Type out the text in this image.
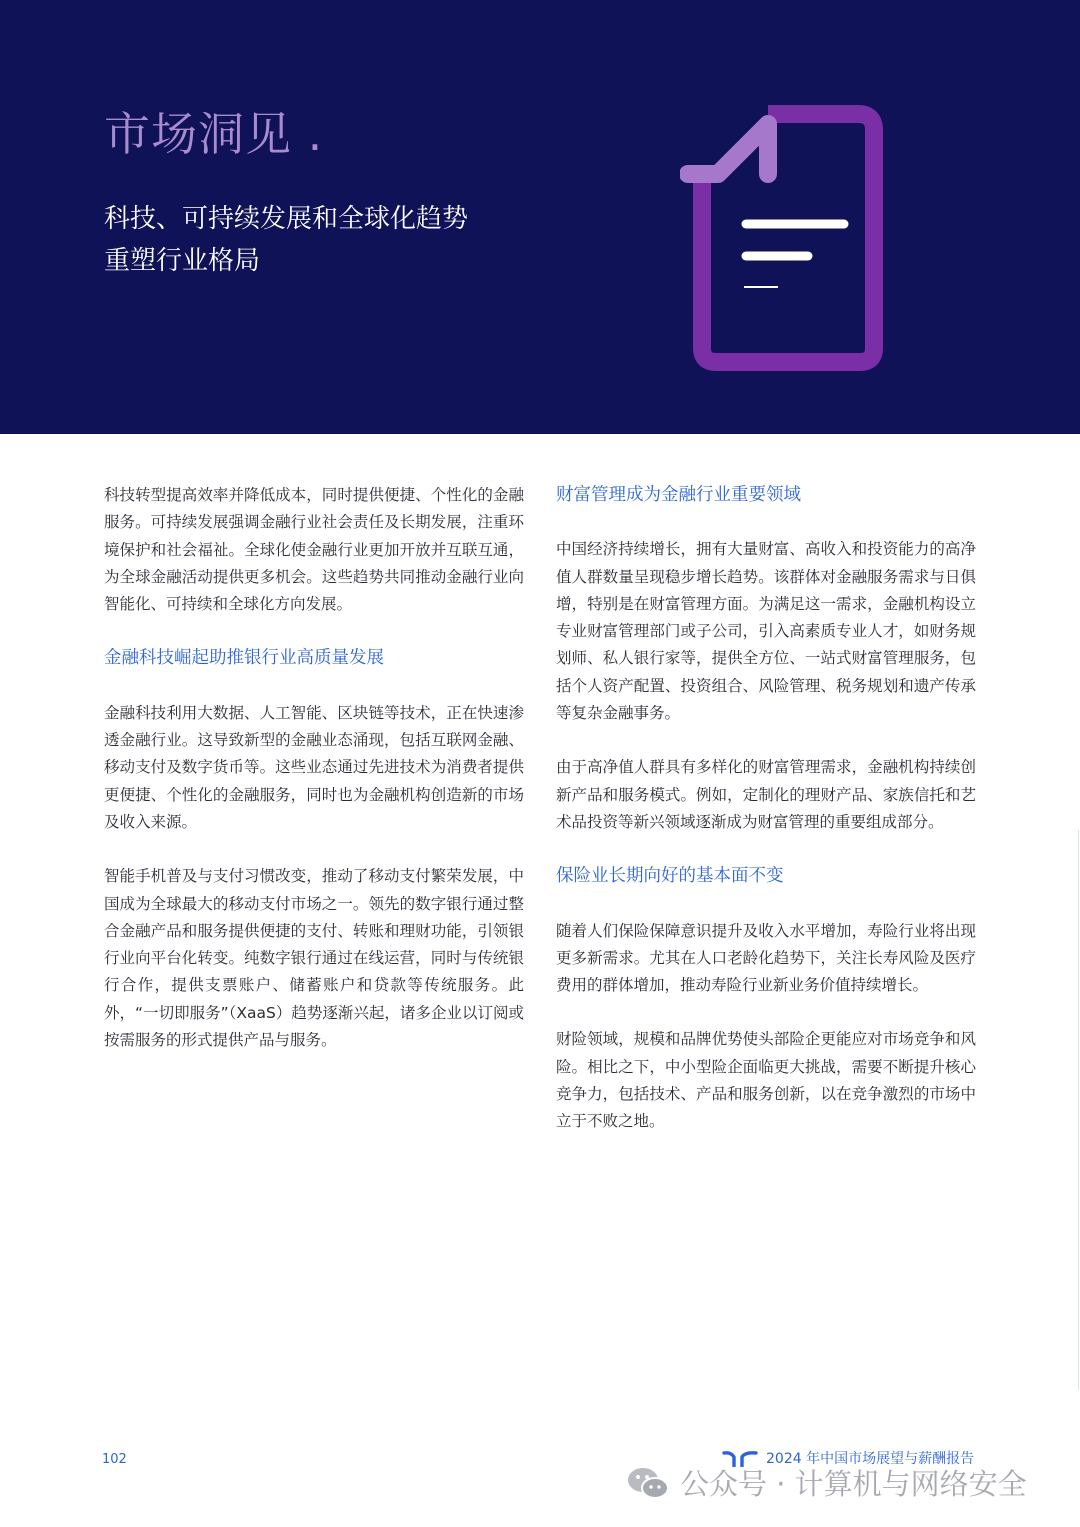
市场洞见 .
科技、可持续发展和全球化趋势
重塑行业格局

科技转型提高效率并降低成本，同时提供便捷、个性化的金融服务。可持续发展强调金融行业社会责任及长期发展，注重环境保护和社会福祉。全球化使金融行业更加开放并互联互通，为全球金融活动提供更多机会。这些趋势共同推动金融行业向智能化、可持续和全球化方向发展。

金融科技崛起助推银行业高质量发展

金融科技利用大数据、人工智能、区块链等技术，正在快速渗透金融行业。这导致新型的金融业态涌现，包括互联网金融、移动支付及数字货币等。这些业态通过先进技术为消费者提供更便捷、个性化的金融服务，同时也为金融机构创造新的市场及收入来源。

智能手机普及与支付习惯改变，推动了移动支付繁荣发展，中国成为全球最大的移动支付市场之一。领先的数字银行通过整合金融产品和服务提供便捷的支付、转账和理财功能，引领银行业向平台化转变。纯数字银行通过在线运营，同时与传统银行合作，提供支票账户、储蓄账户和贷款等传统服务。此外，“一切即服务”（XaaS）趋势逐渐兴起，诸多企业以订阅或按需服务的形式提供产品与服务。

财富管理成为金融行业重要领域

中国经济持续增长，拥有大量财富、高收入和投资能力的高净值人群数量呈现稳步增长趋势。该群体对金融服务需求与日俱增，特别是在财富管理方面。为满足这一需求，金融机构设立专业财富管理部门或子公司，引入高素质专业人才，如财务规划师、私人银行家等，提供全方位、一站式财富管理服务，包括个人资产配置、投资组合、风险管理、税务规划和遗产传承等复杂金融事务。

由于高净值人群具有多样化的财富管理需求，金融机构持续创新产品和服务模式。例如，定制化的理财产品、家族信托和艺术品投资等新兴领域逐渐成为财富管理的重要组成部分。

保险业长期向好的基本面不变

随着人们保险保障意识提升及收入水平增加，寿险行业将出现更多新需求。尤其在人口老龄化趋势下，关注长寿风险及医疗费用的群体增加，推动寿险行业新业务价值持续增长。

财险领域，规模和品牌优势使头部险企更能应对市场竞争和风险。相比之下，中小型险企面临更大挑战，需要不断提升核心竞争力，包括技术、产品和服务创新，以在竞争激烈的市场中立于不败之地。

102	2024 年中国市场展望与薪酬报告
公众号 · 计算机与网络安全
